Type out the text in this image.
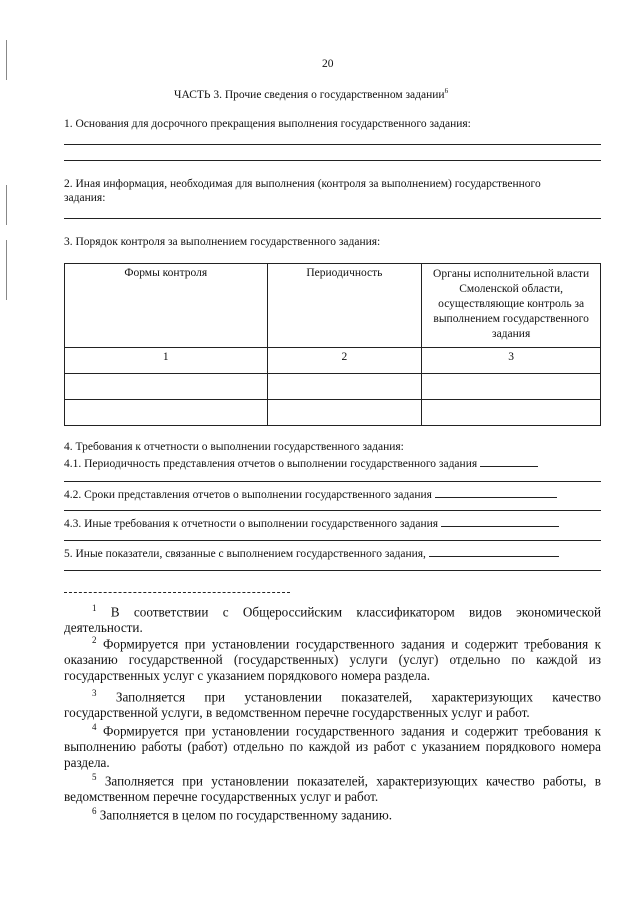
20
ЧАСТЬ 3. Прочие сведения о государственном задании$^6$
1. Основания для досрочного прекращения выполнения государственного задания:
2. Иная информация, необходимая для выполнения (контроля за выполнением) государственного
задания:
3. Порядок контроля за выполнением государственного задания:
Формы контроля	Периодичность	Органы исполнительной власти Смоленской области, осуществляющие контроль за выполнением государственного задания
1	2	3

4. Требования к отчетности о выполнении государственного задания:
4.1. Периодичность представления отчетов о выполнении государственного задания
4.2. Сроки представления отчетов о выполнении государственного задания
4.3. Иные требования к отчетности о выполнении государственного задания
5. Иные показатели, связанные с выполнением государственного задания,
$^1$ В соответствии с Общероссийским классификатором видов экономической деятельности.
$^2$ Формируется при установлении государственного задания и содержит требования к оказанию государственной (государственных) услуги (услуг) отдельно по каждой из государственных услуг с указанием порядкового номера раздела.
$^3$ Заполняется при установлении показателей, характеризующих качество государственной услуги, в ведомственном перечне государственных услуг и работ.
$^4$ Формируется при установлении государственного задания и содержит требования к выполнению работы (работ) отдельно по каждой из работ с указанием порядкового номера раздела.
$^5$ Заполняется при установлении показателей, характеризующих качество работы, в ведомственном перечне государственных услуг и работ.
$^6$ Заполняется в целом по государственному заданию.
